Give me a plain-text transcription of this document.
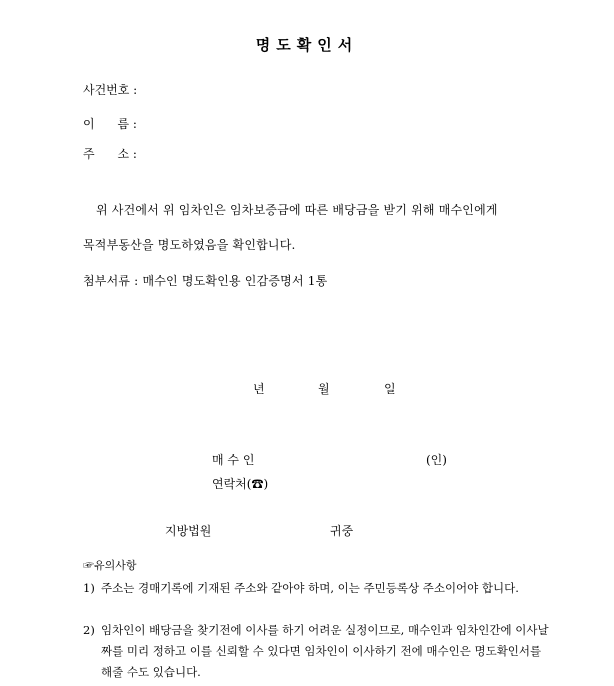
명도확인서
사건번호 :
이      름 :
주      소 :
위 사건에서 위 임차인은 임차보증금에 따른 배당금을 받기 위해 매수인에게
목적부동산을 명도하였음을 확인합니다.
첨부서류 : 매수인 명도확인용 인감증명서 1통
년	월	일
매 수 인	(인)
연락처(☎)
지방법원	귀중
☞유의사항
1) 주소는 경매기록에 기재된 주소와 같아야 하며, 이는 주민등록상 주소이어야 합니다.
2) 임차인이 배당금을 찾기전에 이사를 하기 어려운 실정이므로, 매수인과 임차인간에 이사날짜를 미리 정하고 이를 신뢰할 수 있다면 임차인이 이사하기 전에 매수인은 명도확인서를 해줄 수도 있습니다.
